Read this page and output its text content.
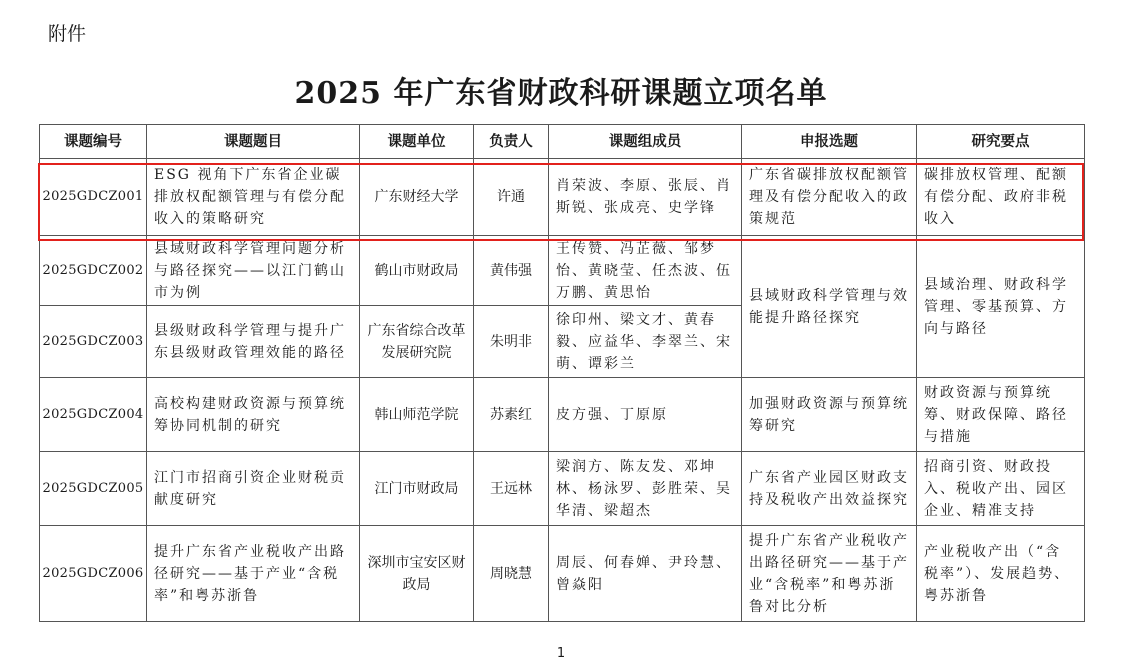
附件
2025 年广东省财政科研课题立项名单
课题编号	课题题目	课题单位	负责人	课题组成员	申报选题	研究要点
2025GDCZ001	ESG 视角下广东省企业碳排放权配额管理与有偿分配收入的策略研究	广东财经大学	许通	肖荣波、李原、张辰、肖斯锐、张成亮、史学锋	广东省碳排放权配额管理及有偿分配收入的政策规范	碳排放权管理、配额有偿分配、政府非税收入
2025GDCZ002	县域财政科学管理问题分析与路径探究——以江门鹤山市为例	鹤山市财政局	黄伟强	王传赞、冯芷薇、邹梦怡、黄晓莹、任杰波、伍万鹏、黄思怡	县域财政科学管理与效能提升路径探究	县域治理、财政科学管理、零基预算、方向与路径
2025GDCZ003	县级财政科学管理与提升广东县级财政管理效能的路径	广东省综合改革发展研究院	朱明非	徐印州、梁文才、黄春毅、应益华、李翠兰、宋萌、谭彩兰		
2025GDCZ004	高校构建财政资源与预算统筹协同机制的研究	韩山师范学院	苏素红	皮方强、丁原原	加强财政资源与预算统筹研究	财政资源与预算统筹、财政保障、路径与措施
2025GDCZ005	江门市招商引资企业财税贡献度研究	江门市财政局	王远林	梁润方、陈友发、邓坤林、杨泳罗、彭胜荣、吴华清、梁超杰	广东省产业园区财政支持及税收产出效益探究	招商引资、财政投入、税收产出、园区企业、精准支持
2025GDCZ006	提升广东省产业税收产出路径研究——基于产业“含税率”和粤苏浙鲁	深圳市宝安区财政局	周晓慧	周辰、何春婵、尹玲慧、曾焱阳	提升广东省产业税收产出路径研究——基于产业“含税率”和粤苏浙鲁对比分析	产业税收产出（“含税率”）、发展趋势、粤苏浙鲁
1
